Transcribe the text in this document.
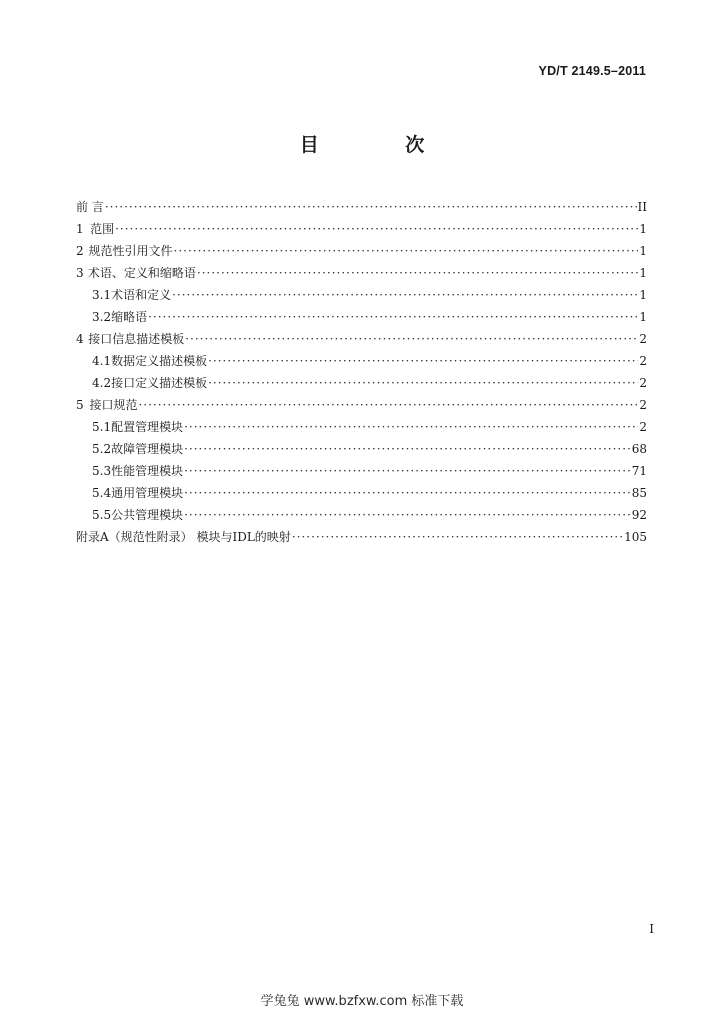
YD/T 2149.5–2011
目 次
前 言 ·····	II
1 范围 ·····	1
2 规范性引用文件 ·····	1
3 术语、定义和缩略语 ·····	1
3.1 术语和定义 ·····	1
3.2 缩略语 ·····	1
4 接口信息描述模板 ·····	2
4.1 数据定义描述模板 ·····	2
4.2 接口定义描述模板 ·····	2
5 接口规范 ·····	2
5.1 配置管理模块 ·····	2
5.2 故障管理模块 ·····	68
5.3 性能管理模块 ·····	71
5.4 通用管理模块 ·····	85
5.5 公共管理模块 ·····	92
附录A（规范性附录） 模块与IDL的映射 ·····	105
I
学兔兔 www.bzfxw.com 标准下载
